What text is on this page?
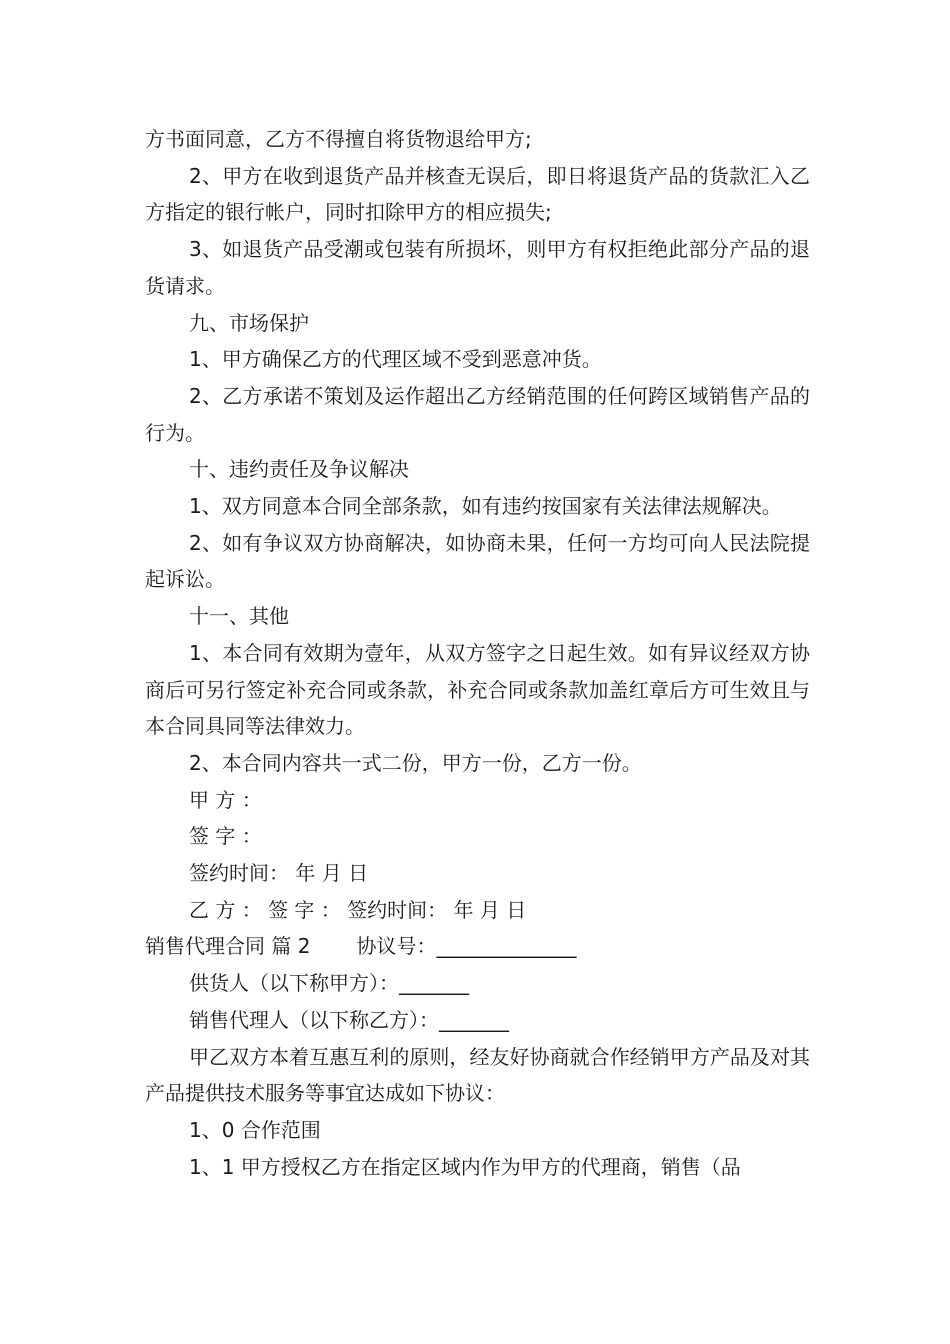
方书面同意，乙方不得擅自将货物退给甲方;

2、甲方在收到退货产品并核查无误后，即日将退货产品的货款汇入乙方指定的银行帐户，同时扣除甲方的相应损失;

3、如退货产品受潮或包装有所损坏，则甲方有权拒绝此部分产品的退货请求。

九、市场保护

1、甲方确保乙方的代理区域不受到恶意冲货。

2、乙方承诺不策划及运作超出乙方经销范围的任何跨区域销售产品的行为。

十、违约责任及争议解决

1、双方同意本合同全部条款，如有违约按国家有关法律法规解决。

2、如有争议双方协商解决，如协商未果，任何一方均可向人民法院提起诉讼。

十一、其他

1、本合同有效期为壹年，从双方签字之日起生效。如有异议经双方协商后可另行签定补充合同或条款，补充合同或条款加盖红章后方可生效且与本合同具同等法律效力。

2、本合同内容共一式二份，甲方一份，乙方一份。

甲 方 ：

签 字 ：

签约时间： 年 月 日

乙 方 ： 签 字 ： 签约时间： 年 月 日

销售代理合同 篇 2 协议号：______________

供货人（以下称甲方）：_______

销售代理人（以下称乙方）：_______

甲乙双方本着互惠互利的原则，经友好协商就合作经销甲方产品及对其产品提供技术服务等事宜达成如下协议：

1、0 合作范围

1、1 甲方授权乙方在指定区域内作为甲方的代理商，销售（品
